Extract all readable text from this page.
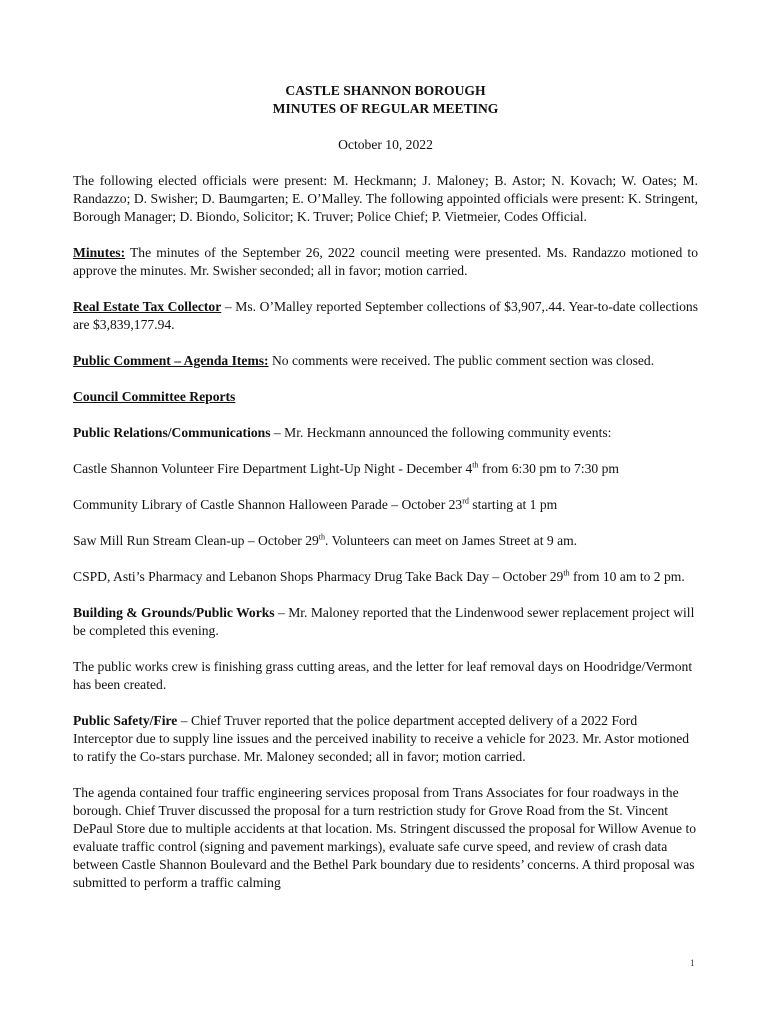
CASTLE SHANNON BOROUGH
MINUTES OF REGULAR MEETING
October 10, 2022

The following elected officials were present: M. Heckmann; J. Maloney; B. Astor; N. Kovach; W. Oates; M. Randazzo; D. Swisher; D. Baumgarten; E. O’Malley. The following appointed officials were present: K. Stringent, Borough Manager; D. Biondo, Solicitor; K. Truver; Police Chief; P. Vietmeier, Codes Official.

Minutes: The minutes of the September 26, 2022 council meeting were presented. Ms. Randazzo motioned to approve the minutes. Mr. Swisher seconded; all in favor; motion carried.

Real Estate Tax Collector – Ms. O’Malley reported September collections of $3,907,.44. Year-to-date collections are $3,839,177.94.

Public Comment – Agenda Items: No comments were received. The public comment section was closed.

Council Committee Reports

Public Relations/Communications – Mr. Heckmann announced the following community events:

Castle Shannon Volunteer Fire Department Light-Up Night - December 4th from 6:30 pm to 7:30 pm

Community Library of Castle Shannon Halloween Parade – October 23rd starting at 1 pm

Saw Mill Run Stream Clean-up – October 29th. Volunteers can meet on James Street at 9 am.

CSPD, Asti’s Pharmacy and Lebanon Shops Pharmacy Drug Take Back Day – October 29th from 10 am to 2 pm.

Building & Grounds/Public Works – Mr. Maloney reported that the Lindenwood sewer replacement project will be completed this evening.

The public works crew is finishing grass cutting areas, and the letter for leaf removal days on Hoodridge/Vermont has been created.

Public Safety/Fire – Chief Truver reported that the police department accepted delivery of a 2022 Ford Interceptor due to supply line issues and the perceived inability to receive a vehicle for 2023. Mr. Astor motioned to ratify the Co-stars purchase. Mr. Maloney seconded; all in favor; motion carried.

The agenda contained four traffic engineering services proposal from Trans Associates for four roadways in the borough. Chief Truver discussed the proposal for a turn restriction study for Grove Road from the St. Vincent DePaul Store due to multiple accidents at that location. Ms. Stringent discussed the proposal for Willow Avenue to evaluate traffic control (signing and pavement markings), evaluate safe curve speed, and review of crash data between Castle Shannon Boulevard and the Bethel Park boundary due to residents’ concerns. A third proposal was submitted to perform a traffic calming

1
